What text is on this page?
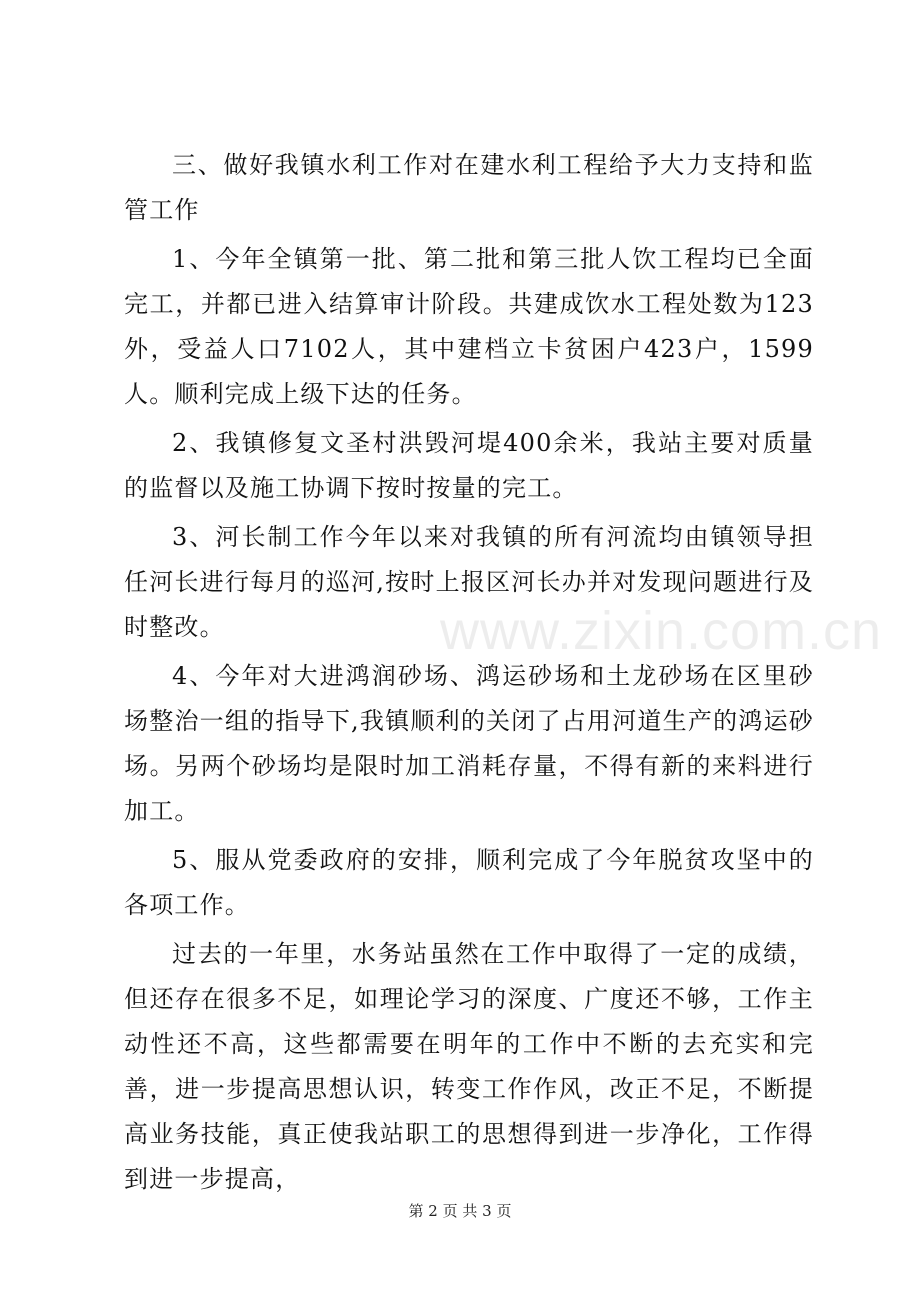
三、做好我镇水利工作对在建水利工程给予大力支持和监管工作

1、今年全镇第一批、第二批和第三批人饮工程均已全面完工，并都已进入结算审计阶段。共建成饮水工程处数为123外，受益人口7102人，其中建档立卡贫困户423户，1599人。顺利完成上级下达的任务。

2、我镇修复文圣村洪毁河堤400余米，我站主要对质量的监督以及施工协调下按时按量的完工。

3、河长制工作今年以来对我镇的所有河流均由镇领导担任河长进行每月的巡河,按时上报区河长办并对发现问题进行及时整改。

4、今年对大进鸿润砂场、鸿运砂场和土龙砂场在区里砂场整治一组的指导下,我镇顺利的关闭了占用河道生产的鸿运砂场。另两个砂场均是限时加工消耗存量，不得有新的来料进行加工。

5、服从党委政府的安排，顺利完成了今年脱贫攻坚中的各项工作。

过去的一年里，水务站虽然在工作中取得了一定的成绩，但还存在很多不足，如理论学习的深度、广度还不够，工作主动性还不高，这些都需要在明年的工作中不断的去充实和完善，进一步提高思想认识，转变工作作风，改正不足，不断提高业务技能，真正使我站职工的思想得到进一步净化，工作得到进一步提高，

www.zixin.com.cn
第 2 页 共 3 页
